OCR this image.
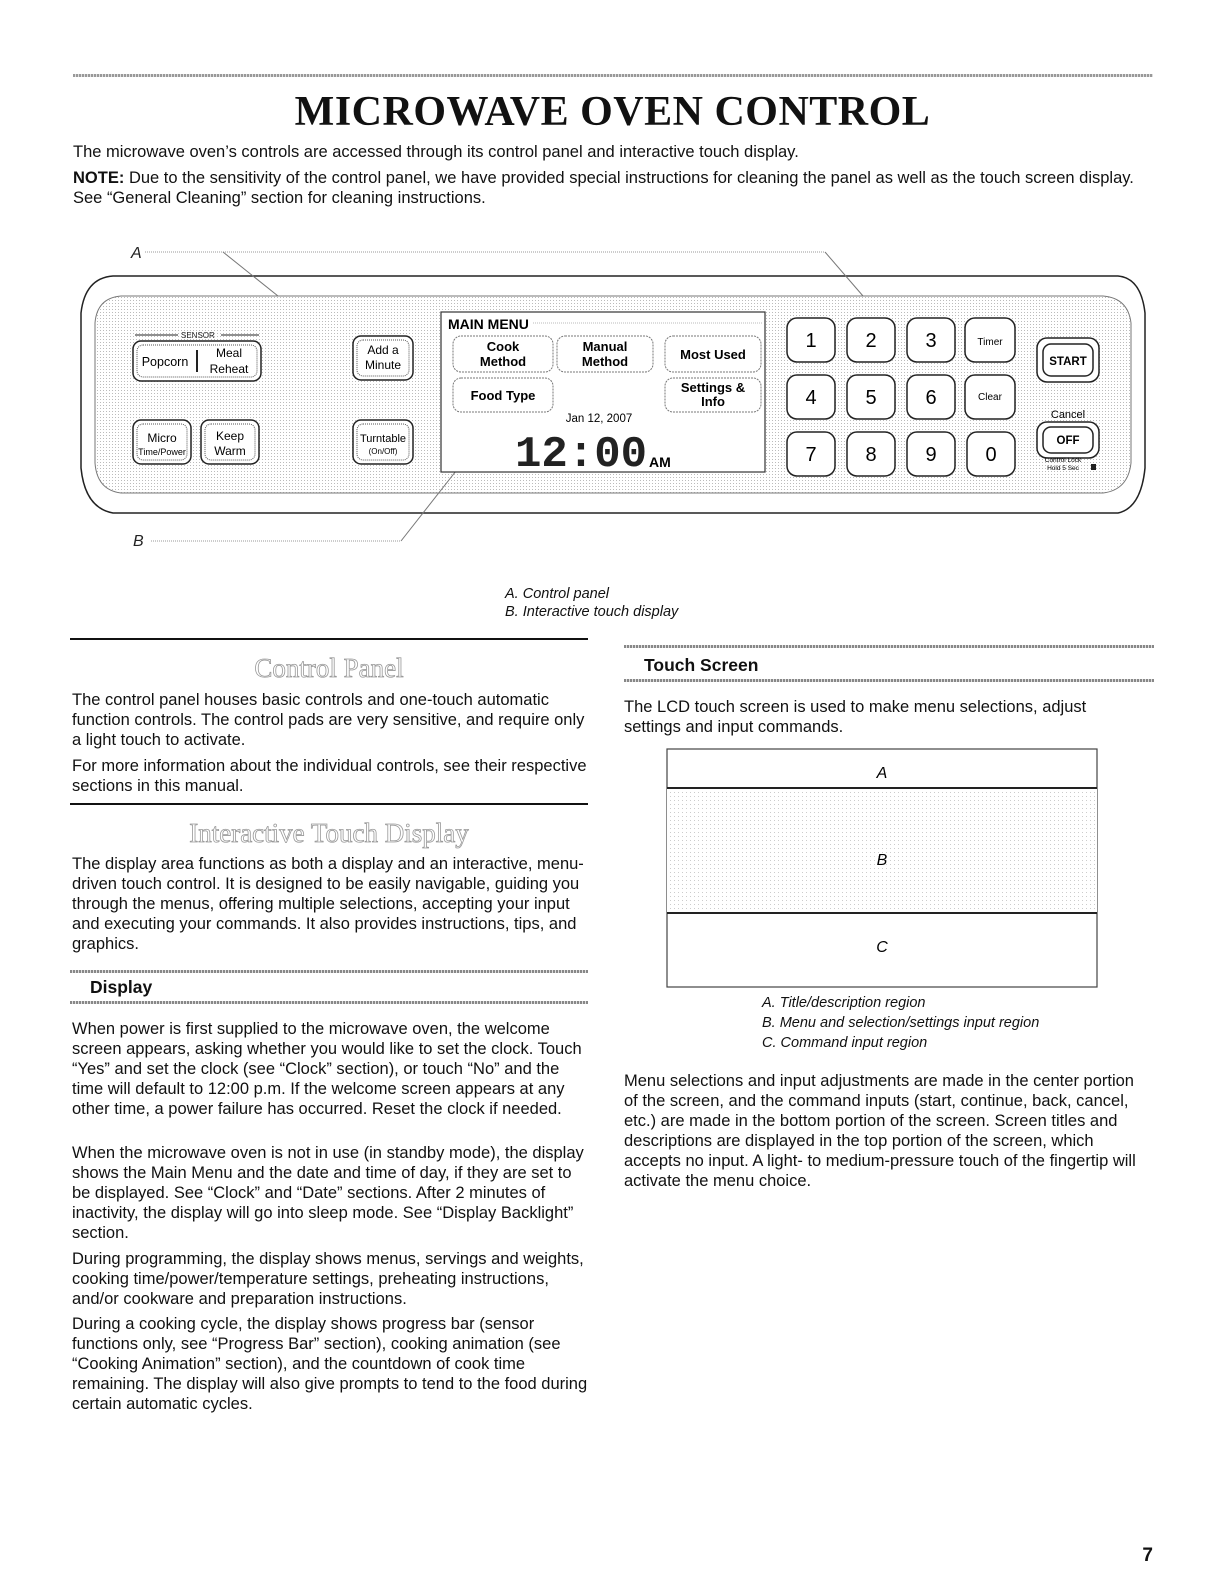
MICROWAVE OVEN CONTROL

The microwave oven’s controls are accessed through its control panel and interactive touch display.

NOTE: Due to the sensitivity of the control panel, we have provided special instructions for cleaning the panel as well as the touch screen display. See “General Cleaning” section for cleaning instructions.

A
B
SENSOR
Popcorn
Meal
Reheat
Add a
Minute
Micro
Time/Power
Keep
Warm
Turntable
(On/Off)
MAIN MENU
Cook
Method
Manual
Method	Most Used
Food Type
Settings &
Info
Jan 12, 2007
12:00 AM
1 2 3
4 5 6
7 8 9 0
Timer
Clear
START
Cancel
OFF
Control Lock
Hold 5 Sec
A. Control panel
B. Interactive touch display
Control Panel

The control panel houses basic controls and one-touch automatic function controls. The control pads are very sensitive, and require only a light touch to activate.

For more information about the individual controls, see their respective sections in this manual.

Interactive Touch Display

The display area functions as both a display and an interactive, menu-driven touch control. It is designed to be easily navigable, guiding you through the menus, offering multiple selections, accepting your input and executing your commands. It also provides instructions, tips, and graphics.

Display

When power is first supplied to the microwave oven, the welcome screen appears, asking whether you would like to set the clock. Touch “Yes” and set the clock (see “Clock” section), or touch “No” and the time will default to 12:00 p.m. If the welcome screen appears at any other time, a power failure has occurred. Reset the clock if needed.

When the microwave oven is not in use (in standby mode), the display shows the Main Menu and the date and time of day, if they are set to be displayed. See “Clock” and “Date” sections. After 2 minutes of inactivity, the display will go into sleep mode. See “Display Backlight” section.

During programming, the display shows menus, servings and weights, cooking time/power/temperature settings, preheating instructions, and/or cookware and preparation instructions.

During a cooking cycle, the display shows progress bar (sensor functions only, see “Progress Bar” section), cooking animation (see “Cooking Animation” section), and the countdown of cook time remaining. The display will also give prompts to tend to the food during certain automatic cycles.

Touch Screen

The LCD touch screen is used to make menu selections, adjust settings and input commands.

A
B
C
A. Title/description region
B. Menu and selection/settings input region
C. Command input region

Menu selections and input adjustments are made in the center portion of the screen, and the command inputs (start, continue, back, cancel, etc.) are made in the bottom portion of the screen. Screen titles and descriptions are displayed in the top portion of the screen, which accepts no input. A light- to medium-pressure touch of the fingertip will activate the menu choice.

7
